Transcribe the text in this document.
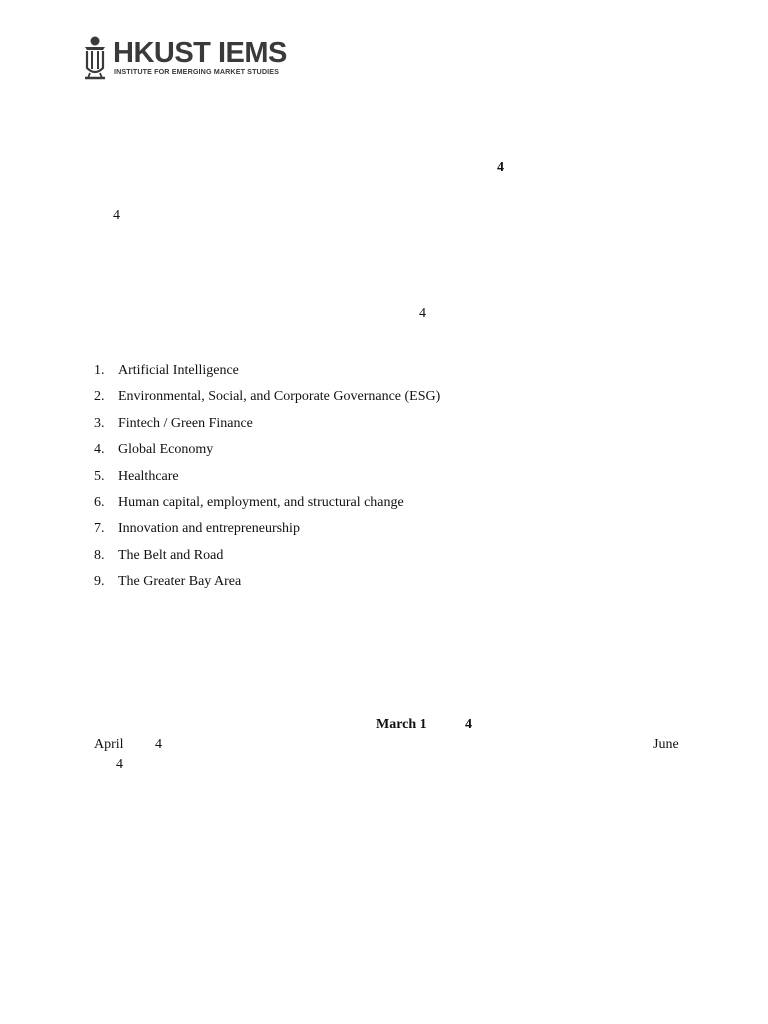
HKUST IEMS
INSTITUTE FOR EMERGING MARKET STUDIES
4
4
4
1. Artificial Intelligence
2. Environmental, Social, and Corporate Governance (ESG)
3. Fintech / Green Finance
4. Global Economy
5. Healthcare
6. Human capital, employment, and structural change
7. Innovation and entrepreneurship
8. The Belt and Road
9. The Greater Bay Area
March 1	4
April 4	June
4
